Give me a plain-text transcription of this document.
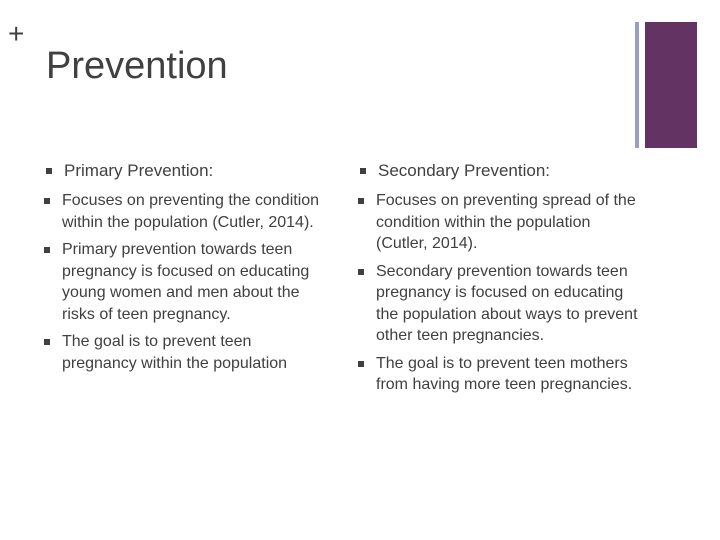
+
Prevention
Primary Prevention:
Focuses on preventing the condition within the population (Cutler, 2014).
Primary prevention towards teen pregnancy is focused on educating young women and men about the risks of teen pregnancy.
The goal is to prevent teen pregnancy within the population
Secondary Prevention:
Focuses on preventing spread of the condition within the population (Cutler, 2014).
Secondary prevention towards teen pregnancy is focused on educating the population about ways to prevent other teen pregnancies.
The goal is to prevent teen mothers from having more teen pregnancies.
